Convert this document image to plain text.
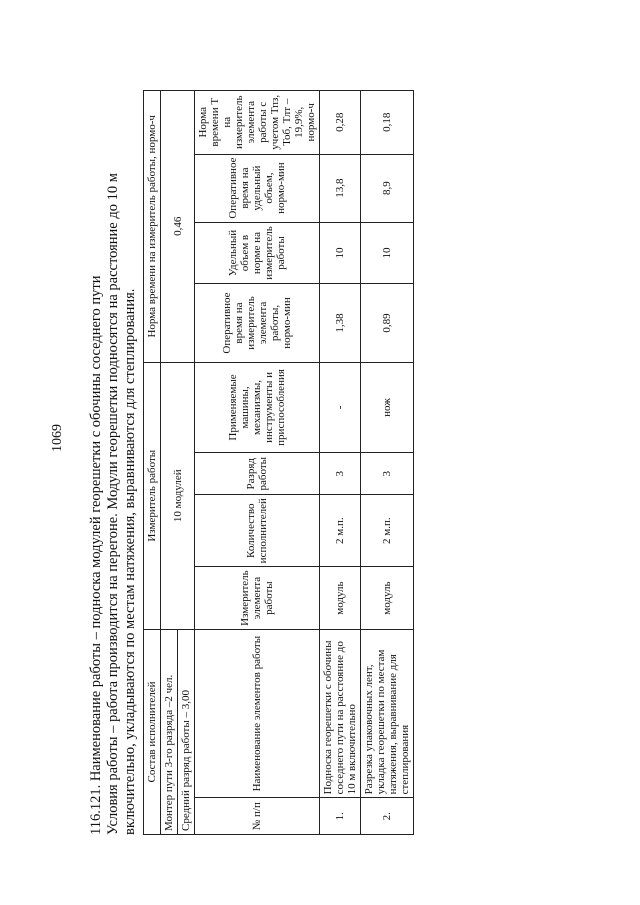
1069 116.121. Наименование работы – подноска модулей георешетки с обочины соседнего пути Условия работы – работа производится на перегоне. Модули георешетки подносятся на расстояние до 10 м включительно, укладываются по местам натяжения, выравниваются для степлирования. Состав исполнителей		Измеритель работы				Норма времени на измеритель работы, нормо-ч			

Монтер пути 3-го разряда –2 чел.		10 модулей				0,46			
Средний разряд работы – 3,00									
№ п/п	Наименование элементов работы	Измеритель элемента работы	Количество исполнителей	Разряд работы	Применяемые машины, механизмы, инструменты и приспособления	Оперативное время на измеритель элемента работы, нормо-мин	Удельный объем в норме на измеритель работы	Оперативное время на удельный объем, нормо-мин	Норма времени Т на измеритель элемента работы с учетом Тпз, Тоб, Тлт – 19,9%, нормо-ч
1.	Подноска георешетки с обочины соседнего пути на расстояние до 10 м включительно	модуль	2 м.п.	3	-	1,38	10	13,8	0,28
2.	Разрезка упаковочных лент, укладка георешетки по местам натяжения, выравнивание для степлирования	модуль	2 м.п.	3	нож	0,89	10	8,9	0,18
